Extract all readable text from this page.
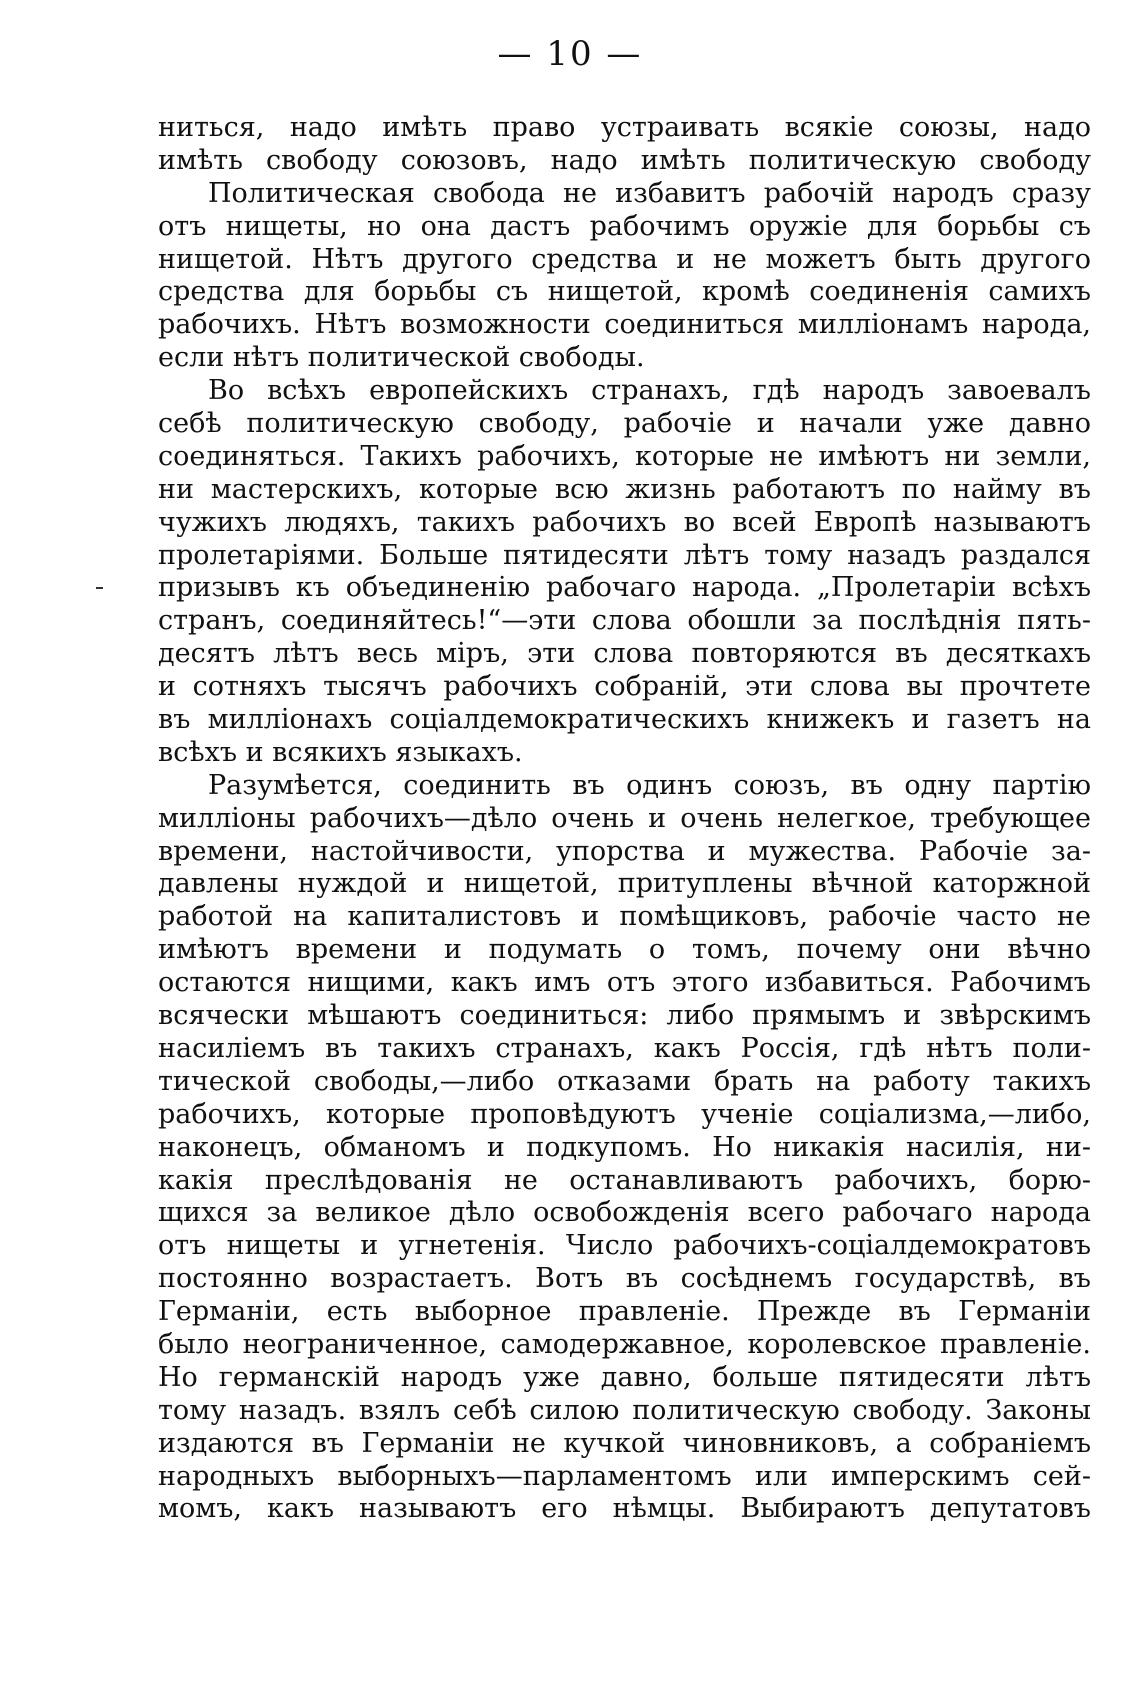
— 10 —
ниться, надо имѣть право устраивать всякіе союзы, надо
имѣть свободу союзовъ, надо имѣть политическую свободу
Политическая свобода не избавитъ рабочій народъ сразу
отъ нищеты, но она дастъ рабочимъ оружіе для борьбы съ
нищетой. Нѣтъ другого средства и не можетъ быть другого
средства для борьбы съ нищетой, кромѣ соединенія самихъ
рабочихъ. Нѣтъ возможности соединиться милліонамъ народа,
если нѣтъ политической свободы.
Во всѣхъ европейскихъ странахъ, гдѣ народъ завоевалъ
себѣ политическую свободу, рабочіе и начали уже давно
соединяться. Такихъ рабочихъ, которые не имѣютъ ни земли,
ни мастерскихъ, которые всю жизнь работаютъ по найму въ
чужихъ людяхъ, такихъ рабочихъ во всей Европѣ называютъ
пролетаріями. Больше пятидесяти лѣтъ тому назадъ раздался
призывъ къ объединенію рабочаго народа. „Пролетаріи всѣхъ
странъ, соединяйтесь!“—эти слова обошли за послѣднія пять-
десятъ лѣтъ весь міръ, эти слова повторяются въ десяткахъ
и сотняхъ тысячъ рабочихъ собраній, эти слова вы прочтете
въ милліонахъ соціалдемократическихъ книжекъ и газетъ на
всѣхъ и всякихъ языкахъ.
Разумѣется, соединить въ одинъ союзъ, въ одну партію
милліоны рабочихъ—дѣло очень и очень нелегкое, требующее
времени, настойчивости, упорства и мужества. Рабочіе за-
давлены нуждой и нищетой, притуплены вѣчной каторжной
работой на капиталистовъ и помѣщиковъ, рабочіе часто не
имѣютъ времени и подумать о томъ, почему они вѣчно
остаются нищими, какъ имъ отъ этого избавиться. Рабочимъ
всячески мѣшаютъ соединиться: либо прямымъ и звѣрскимъ
насиліемъ въ такихъ странахъ, какъ Россія, гдѣ нѣтъ поли-
тической свободы,—либо отказами брать на работу такихъ
рабочихъ, которые проповѣдуютъ ученіе соціализма,—либо,
наконецъ, обманомъ и подкупомъ. Но никакія насилія, ни-
какія преслѣдованія не останавливаютъ рабочихъ, борю-
щихся за великое дѣло освобожденія всего рабочаго народа
отъ нищеты и угнетенія. Число рабочихъ-соціалдемократовъ
постоянно возрастаетъ. Вотъ въ сосѣднемъ государствѣ, въ
Германіи, есть выборное правленіе. Прежде въ Германіи
было неограниченное, самодержавное, королевское правленіе.
Но германскій народъ уже давно, больше пятидесяти лѣтъ
тому назадъ. взялъ себѣ силою политическую свободу. Законы
издаются въ Германіи не кучкой чиновниковъ, а собраніемъ
народныхъ выборныхъ—парламентомъ или имперскимъ сей-
момъ, какъ называютъ его нѣмцы. Выбираютъ депутатовъ
